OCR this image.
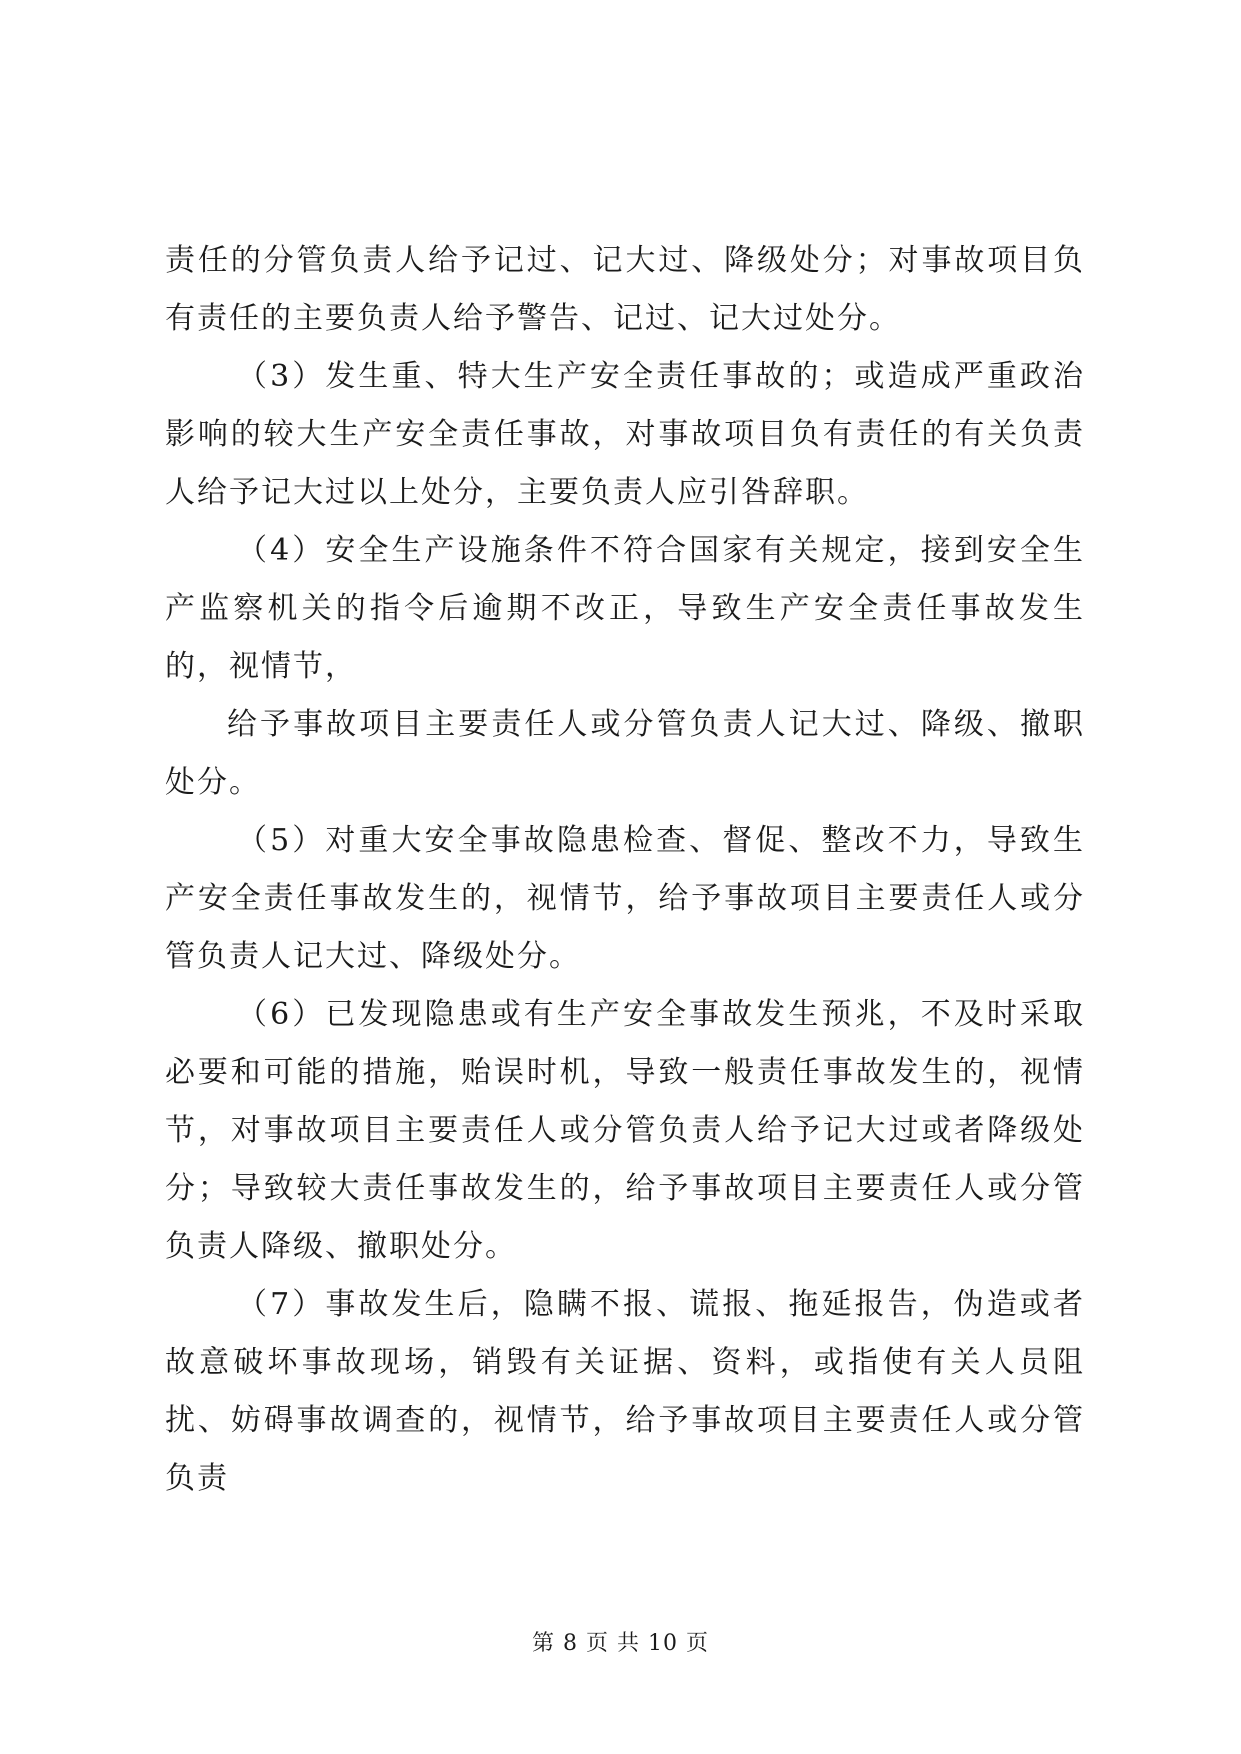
责任的分管负责人给予记过、记大过、降级处分；对事故项目负有责任的主要负责人给予警告、记过、记大过处分。

（3）发生重、特大生产安全责任事故的；或造成严重政治影响的较大生产安全责任事故，对事故项目负有责任的有关负责人给予记大过以上处分，主要负责人应引咎辞职。

（4）安全生产设施条件不符合国家有关规定，接到安全生产监察机关的指令后逾期不改正，导致生产安全责任事故发生的，视情节，

给予事故项目主要责任人或分管负责人记大过、降级、撤职处分。

（5）对重大安全事故隐患检查、督促、整改不力，导致生产安全责任事故发生的，视情节，给予事故项目主要责任人或分管负责人记大过、降级处分。

（6）已发现隐患或有生产安全事故发生预兆，不及时采取必要和可能的措施，贻误时机，导致一般责任事故发生的，视情节，对事故项目主要责任人或分管负责人给予记大过或者降级处分；导致较大责任事故发生的，给予事故项目主要责任人或分管负责人降级、撤职处分。

（7）事故发生后，隐瞒不报、谎报、拖延报告，伪造或者故意破坏事故现场，销毁有关证据、资料，或指使有关人员阻扰、妨碍事故调查的，视情节，给予事故项目主要责任人或分管负责

第 8 页 共 10 页
